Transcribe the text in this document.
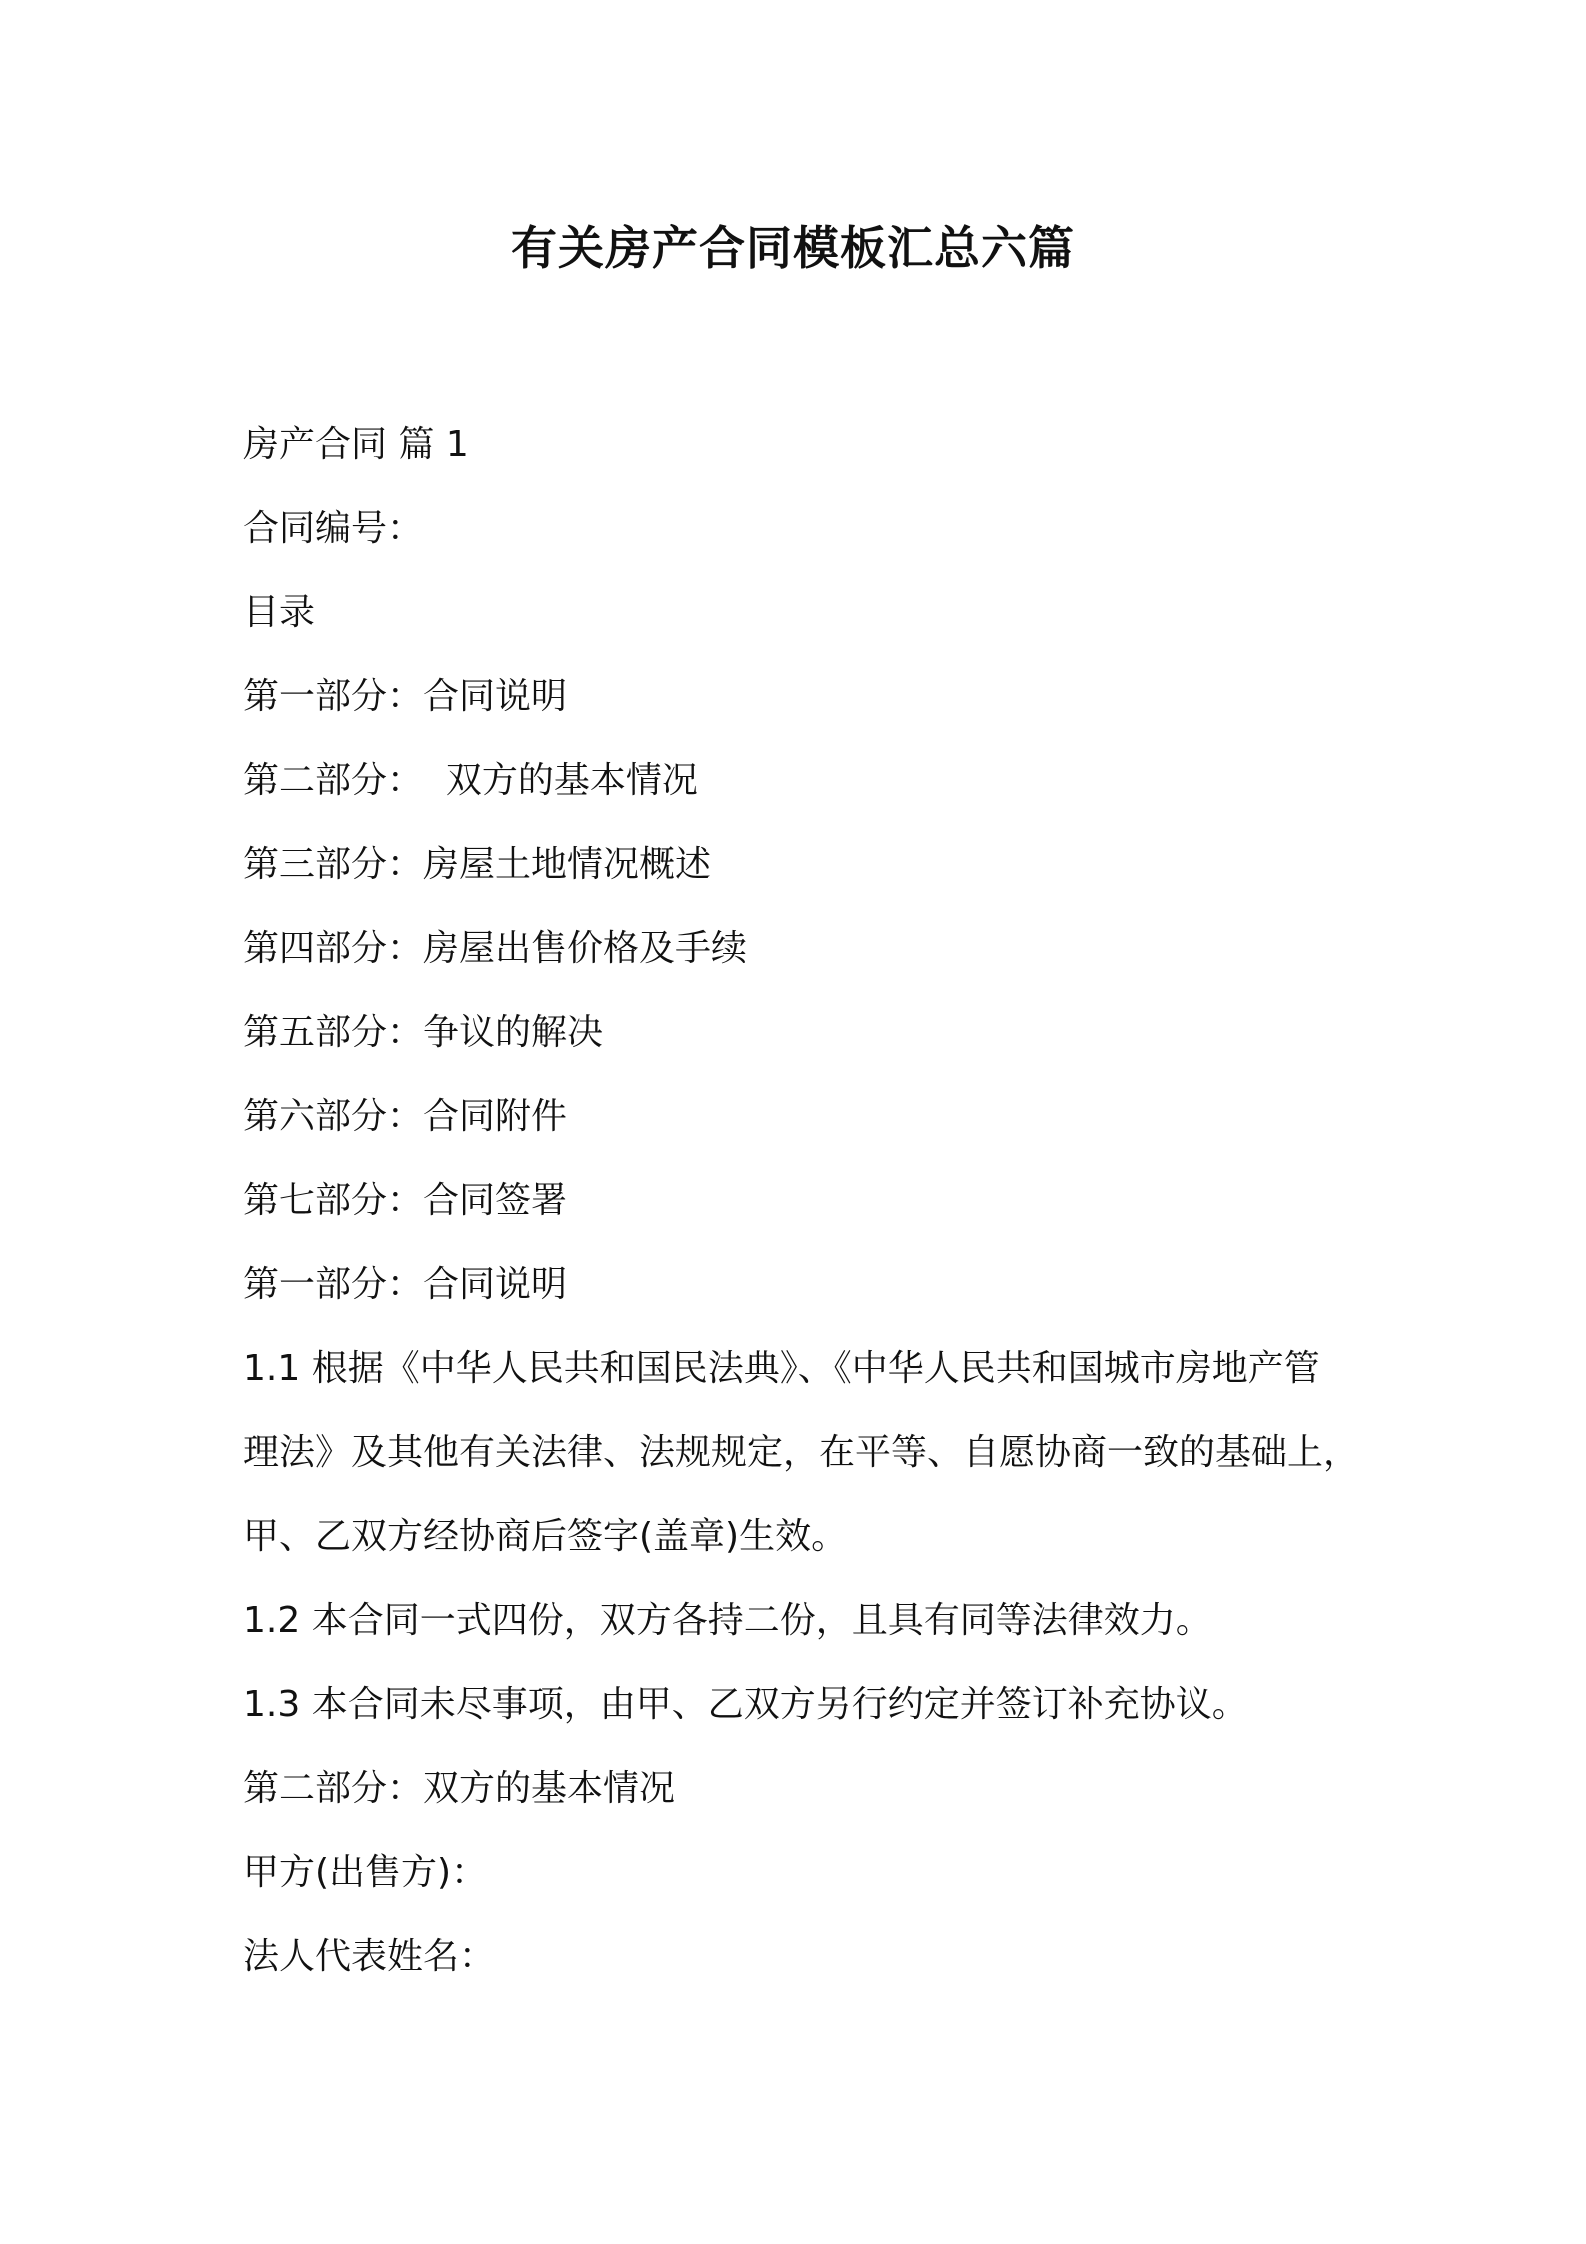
有关房产合同模板汇总六篇
房产合同 篇 1
合同编号：
目录
第一部分：合同说明
第二部分：  双方的基本情况
第三部分：房屋土地情况概述
第四部分：房屋出售价格及手续
第五部分：争议的解决
第六部分：合同附件
第七部分：合同签署
第一部分：合同说明
1.1 根据《中华人民共和国民法典》、《中华人民共和国城市房地产管
理法》及其他有关法律、法规规定，在平等、自愿协商一致的基础上，
甲、乙双方经协商后签字(盖章)生效。
1.2 本合同一式四份，双方各持二份，且具有同等法律效力。
1.3 本合同未尽事项，由甲、乙双方另行约定并签订补充协议。
第二部分：双方的基本情况
甲方(出售方)：
法人代表姓名：
